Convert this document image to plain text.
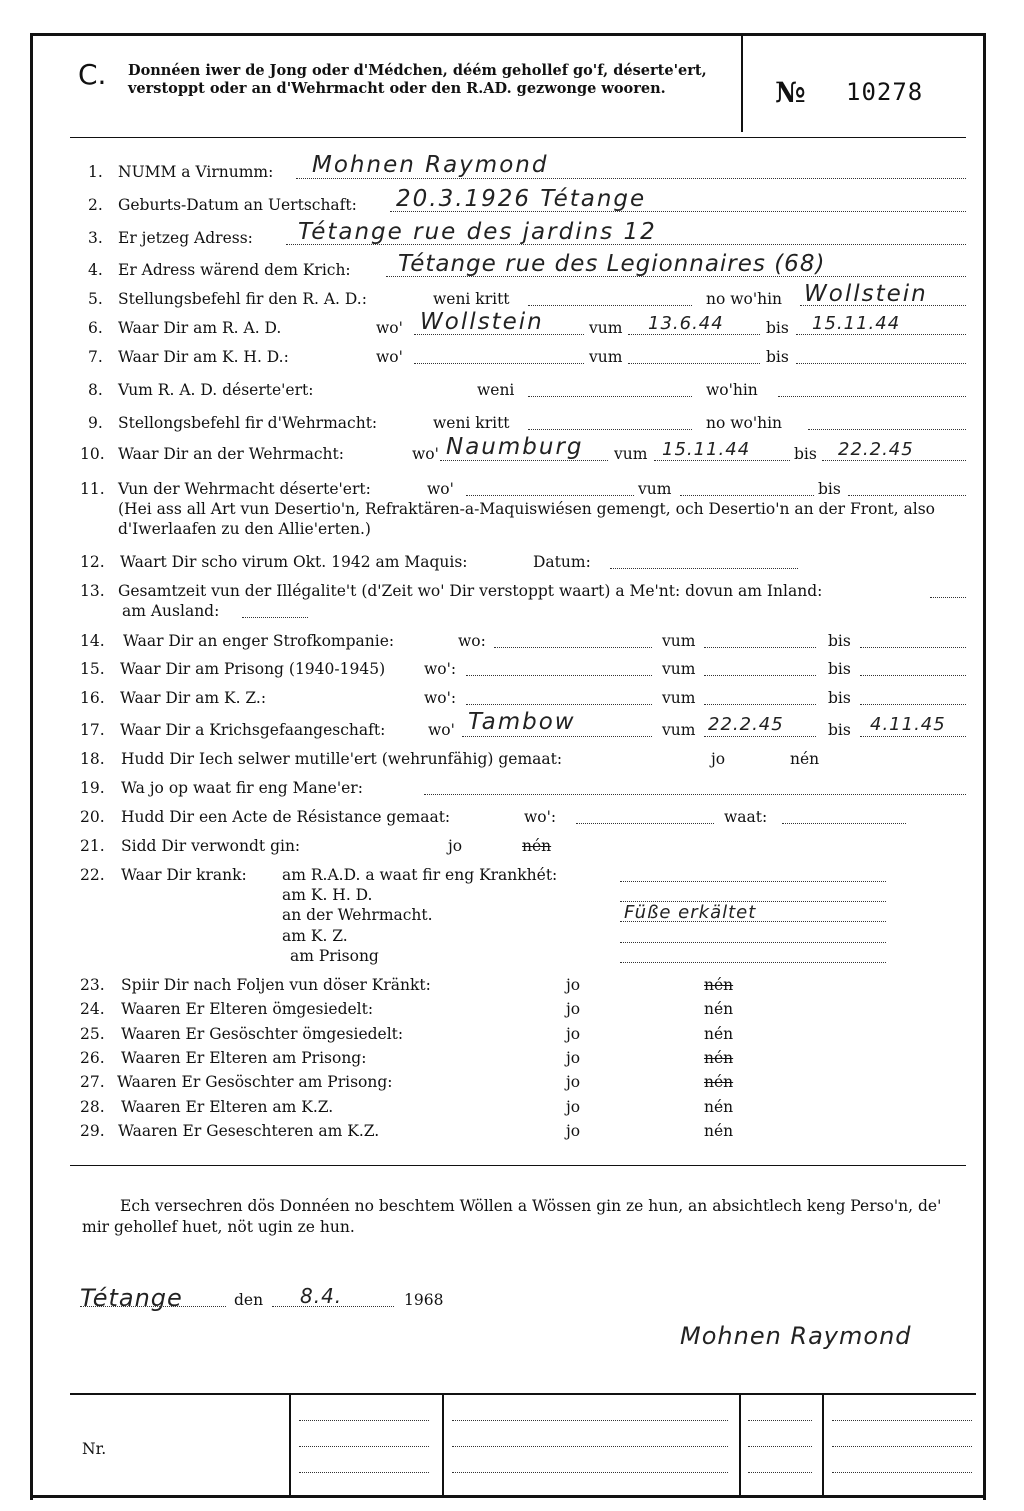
C. Donnéen iwer de Jong oder d'Médchen, déém gehollef go'f, déserte'ert, verstoppt oder an d'Wehrmacht oder den R.AD. gezwonge wooren.	№ 10278
1. NUMM a Virnumm: Mohnen Raymond
2. Geburts-Datum an Uertschaft: 20.3.1926 Tétange
3. Er jetzeg Adress: Tétange rue des jardins 12
4. Er Adress wärend dem Krich: Tétange rue des Legionnaires (68)
5. Stellungsbefehl fir den R. A. D.:	weni kritt	no wo'hin Wollstein
6. Waar Dir am R. A. D.	wo' Wollstein	vum 13.6.44	bis 15.11.44
7. Waar Dir am K. H. D.:	wo'	vum	bis
8. Vum R. A. D. déserte'ert:	weni	wo'hin
9. Stellongsbefehl fir d'Wehrmacht:	weni kritt	no wo'hin
10. Waar Dir an der Wehrmacht:	wo' Naumburg vum 15.11.44	bis 22.2.45
11. Vun der Wehrmacht déserte'ert:	wo'	vum	bis
(Hei ass all Art vun Desertio'n, Refraktären-a-Maquiswiésen gemengt, och Desertio'n an der Front, also d'Iwerlaafen zu den Allie'erten.)
12. Waart Dir scho virum Okt. 1942 am Maquis:	Datum:
13. Gesamtzeit vun der Illégalite't (d'Zeit wo' Dir verstoppt waart) a Me'nt: dovun am Inland:
am Ausland:
14. Waar Dir an enger Strofkompanie:	wo:	vum	bis
15. Waar Dir am Prisong (1940-1945)	wo':	vum	bis
16. Waar Dir am K. Z.:	wo':	vum	bis
17. Waar Dir a Krichsgefaangeschaft:	wo' Tambow	vum 22.2.45	bis 4.11.45
18. Hudd Dir Iech selwer mutille'ert (wehrunfähig) gemaat:	jo	nén
19. Wa jo op waat fir eng Mane'er:
20. Hudd Dir een Acte de Résistance gemaat:	wo':	waat:
21. Sidd Dir verwondt gin:	jo	nén
22. Waar Dir krank: am R.A.D. a waat fir eng Krankhét:
am K. H. D.
an der Wehrmacht.	Füße erkältet
am K. Z.
am Prisong
23. Spiir Dir nach Foljen vun döser Kränkt:	jo	nén
24. Waaren Er Elteren ömgesiedelt:	jo	nén
25. Waaren Er Gesöschter ömgesiedelt:	jo	nén
26. Waaren Er Elteren am Prisong:	jo	nén
27. Waaren Er Gesöschter am Prisong:	jo	nén
28. Waaren Er Elteren am K.Z.	jo	nén
29. Waaren Er Geseschteren am K.Z.	jo	nén
Ech versechren dös Donnéen no beschtem Wöllen a Wössen gin ze hun, an absichtlech keng Perso'n, de' mir gehollef huet, nöt ugin ze hun.
Tétange	den 8.4.	1968
Mohnen Raymond
Nr.
